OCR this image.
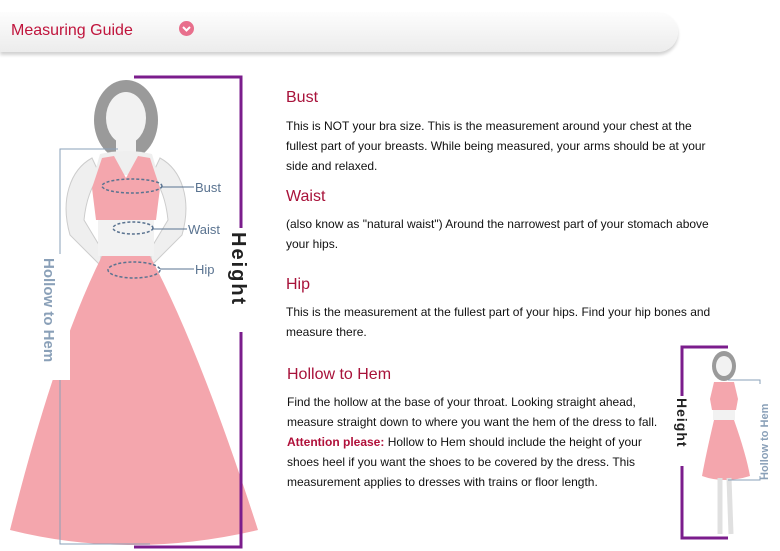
Measuring Guide
Bust
Waist
Hip Height
Hollow to Hem
Bust

This is NOT your bra size. This is the measurement around your chest at the fullest part of your breasts. While being measured, your arms should be at your side and relaxed.

Waist

(also know as "natural waist") Around the narrowest part of your stomach above your hips.

Hip

This is the measurement at the fullest part of your hips. Find your hip bones and measure there.

Hollow to Hem

Find the hollow at the base of your throat. Looking straight ahead, measure straight down to where you want the hem of the dress to fall. Attention please: Hollow to Hem should include the height of your shoes heel if you want the shoes to be covered by the dress. This measurement applies to dresses with trains or floor length.

Height	Hollow to Hem
